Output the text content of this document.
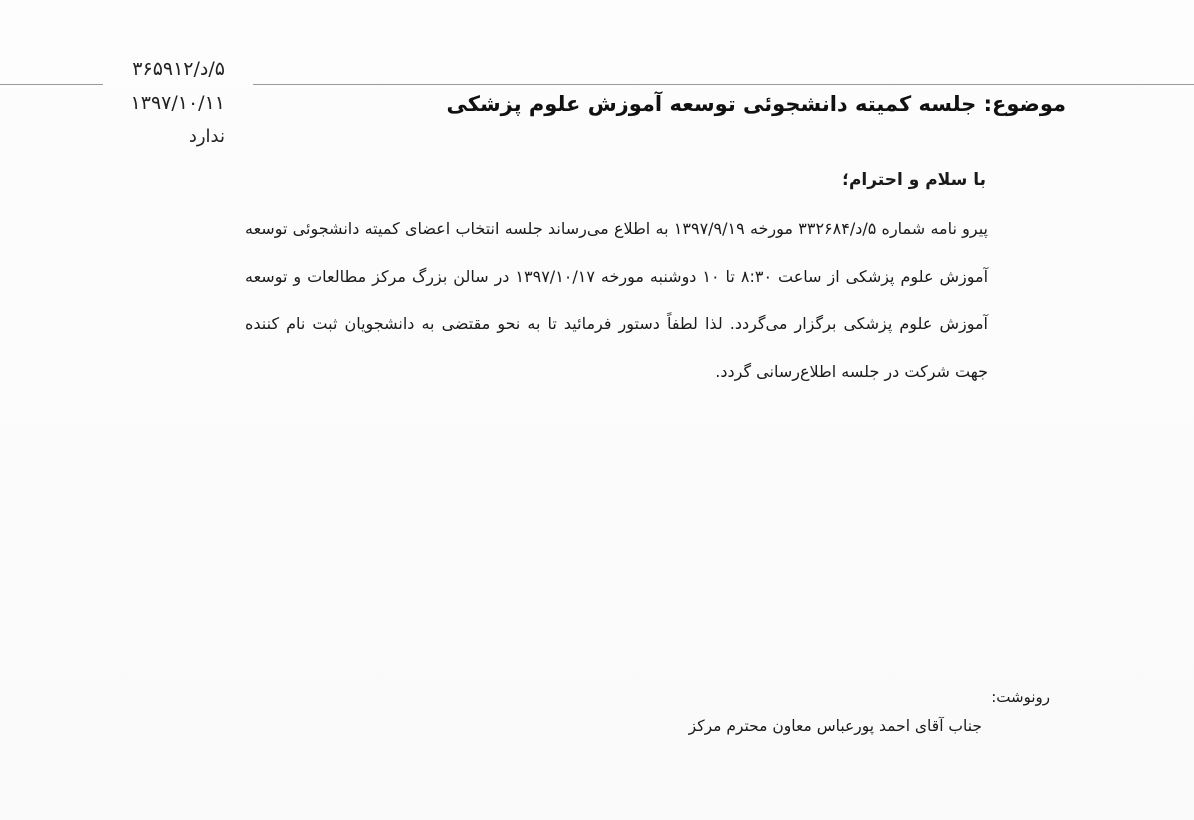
۵/د/۳۶۵۹۱۲
۱۳۹۷/۱۰/۱۱
ندارد
موضوع: جلسه کمیته دانشجوئی توسعه آموزش علوم پزشکی
با سلام و احترام؛
پیرو نامه شماره ۵/د/۳۳۲۶۸۴ مورخه ۱۳۹۷/۹/۱۹ به اطلاع می‌رساند جلسه انتخاب اعضای کمیته دانشجوئی توسعه آموزش علوم پزشکی از ساعت ۸:۳۰ تا ۱۰ دوشنبه مورخه ۱۳۹۷/۱۰/۱۷ در سالن بزرگ مرکز مطالعات و توسعه آموزش علوم پزشکی برگزار می‌گردد. لذا لطفاً دستور فرمائید تا به نحو مقتضی به دانشجویان ثبت نام کننده جهت شرکت در جلسه اطلاع‌رسانی گردد.
رونوشت:
جناب آقای احمد پورعباس معاون محترم مرکز
